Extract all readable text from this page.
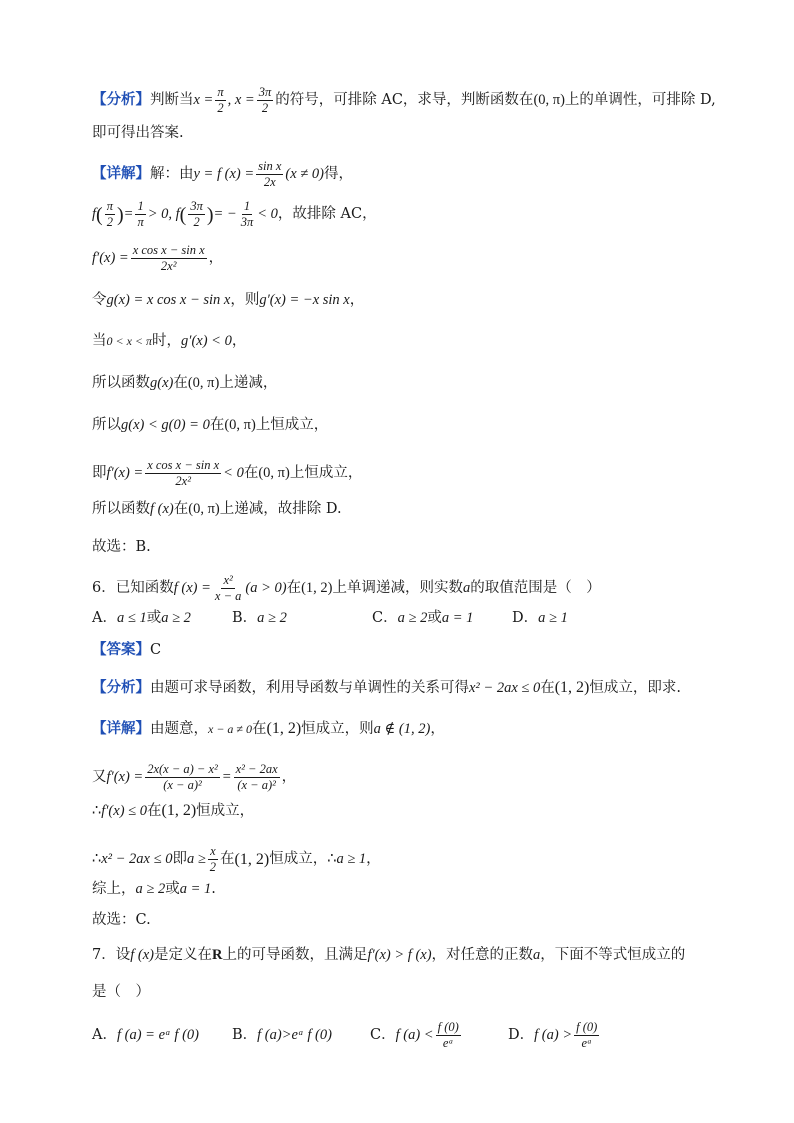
【分析】 判断当 $x = \frac{\pi}{2}$ , $x = \frac{3\pi}{2}$ 的符号，可排除 AC，求导，判断函数在 (0, π) 上的单调性，可排除 D,
即可得出答案.
【详解】 解：由 y = f $(x) = \frac{\text{sin x}}{2x} (x \ne 0)$ 得，
f ( $\frac{\pi}{2}$ ) = $\frac{1}{\pi} > 0$, f ( $\frac{3\pi}{2}$ ) = − $\frac{1}{3\pi} < 0$ ，故排除 AC，
$f'(x) = \frac{\text{x cos x − sin x}}{\text{2x²}}$ ，
令 g(x) = x cos x − sin x ，则 g′(x) = −x sin x ，
当 0 < x < π 时， g′(x) < 0 ，
所以函数 g(x) 在 (0, π) 上递减，
所以 g(x) < g(0) = 0 在 (0, π) 上恒成立，
即 $f'(x) = \frac{\text{x cos x − sin x}}{\text{2x²}} < 0$ 在 (0, π) 上恒成立，
所以函数 f (x) 在 (0, π) 上递减，故排除 D.
故选：B.
6．已知函数 f $(x) = \frac{\text{x²}}{x - a} (a > 0)$ 在 (1, 2) 上单调递减，则实数 a 的取值范围是（　）
A．a ≤ 1或a ≥ 2	B．a ≥ 2	C．a ≥ 2或a = 1	D．a ≥ 1
【答案】 C
【分析】 由题可求导函数，利用导函数与单调性的关系可得 x² − 2ax ≤ 0 在 (1, 2) 恒成立，即求.
【详解】 由题意， x − a ≠ 0 在 (1, 2) 恒成立，则 a ∉ (1, 2) ，
又 $f'(x) = \frac{\text{2x(x − a) − x²}}{\text{(x − a)²}} = \frac{\text{x² − 2ax}}{\text{(x − a)²}}$ ，
∴ f′(x) ≤ 0 在 (1, 2) 恒成立，
∴ x² − 2ax ≤ 0 即 $a \ge \frac{x}{2}$ 在 (1, 2) 恒成立， ∴ a ≥ 1 ，
综上， a ≥ 2 或 a = 1 .
故选：C.
7．设 f (x) 是定义在 R 上的可导函数，且满足 f′(x) > f (x) ，对任意的正数 a ，下面不等式恒成立的
是（　）
A．f (a) = eᵃ f (0)	B．f (a)>eᵃ f (0)	C． f $(a) < \frac{f (0)}{\text{eᵃ}}$	D． f $(a) > \frac{f (0)}{\text{eᵃ}}$
